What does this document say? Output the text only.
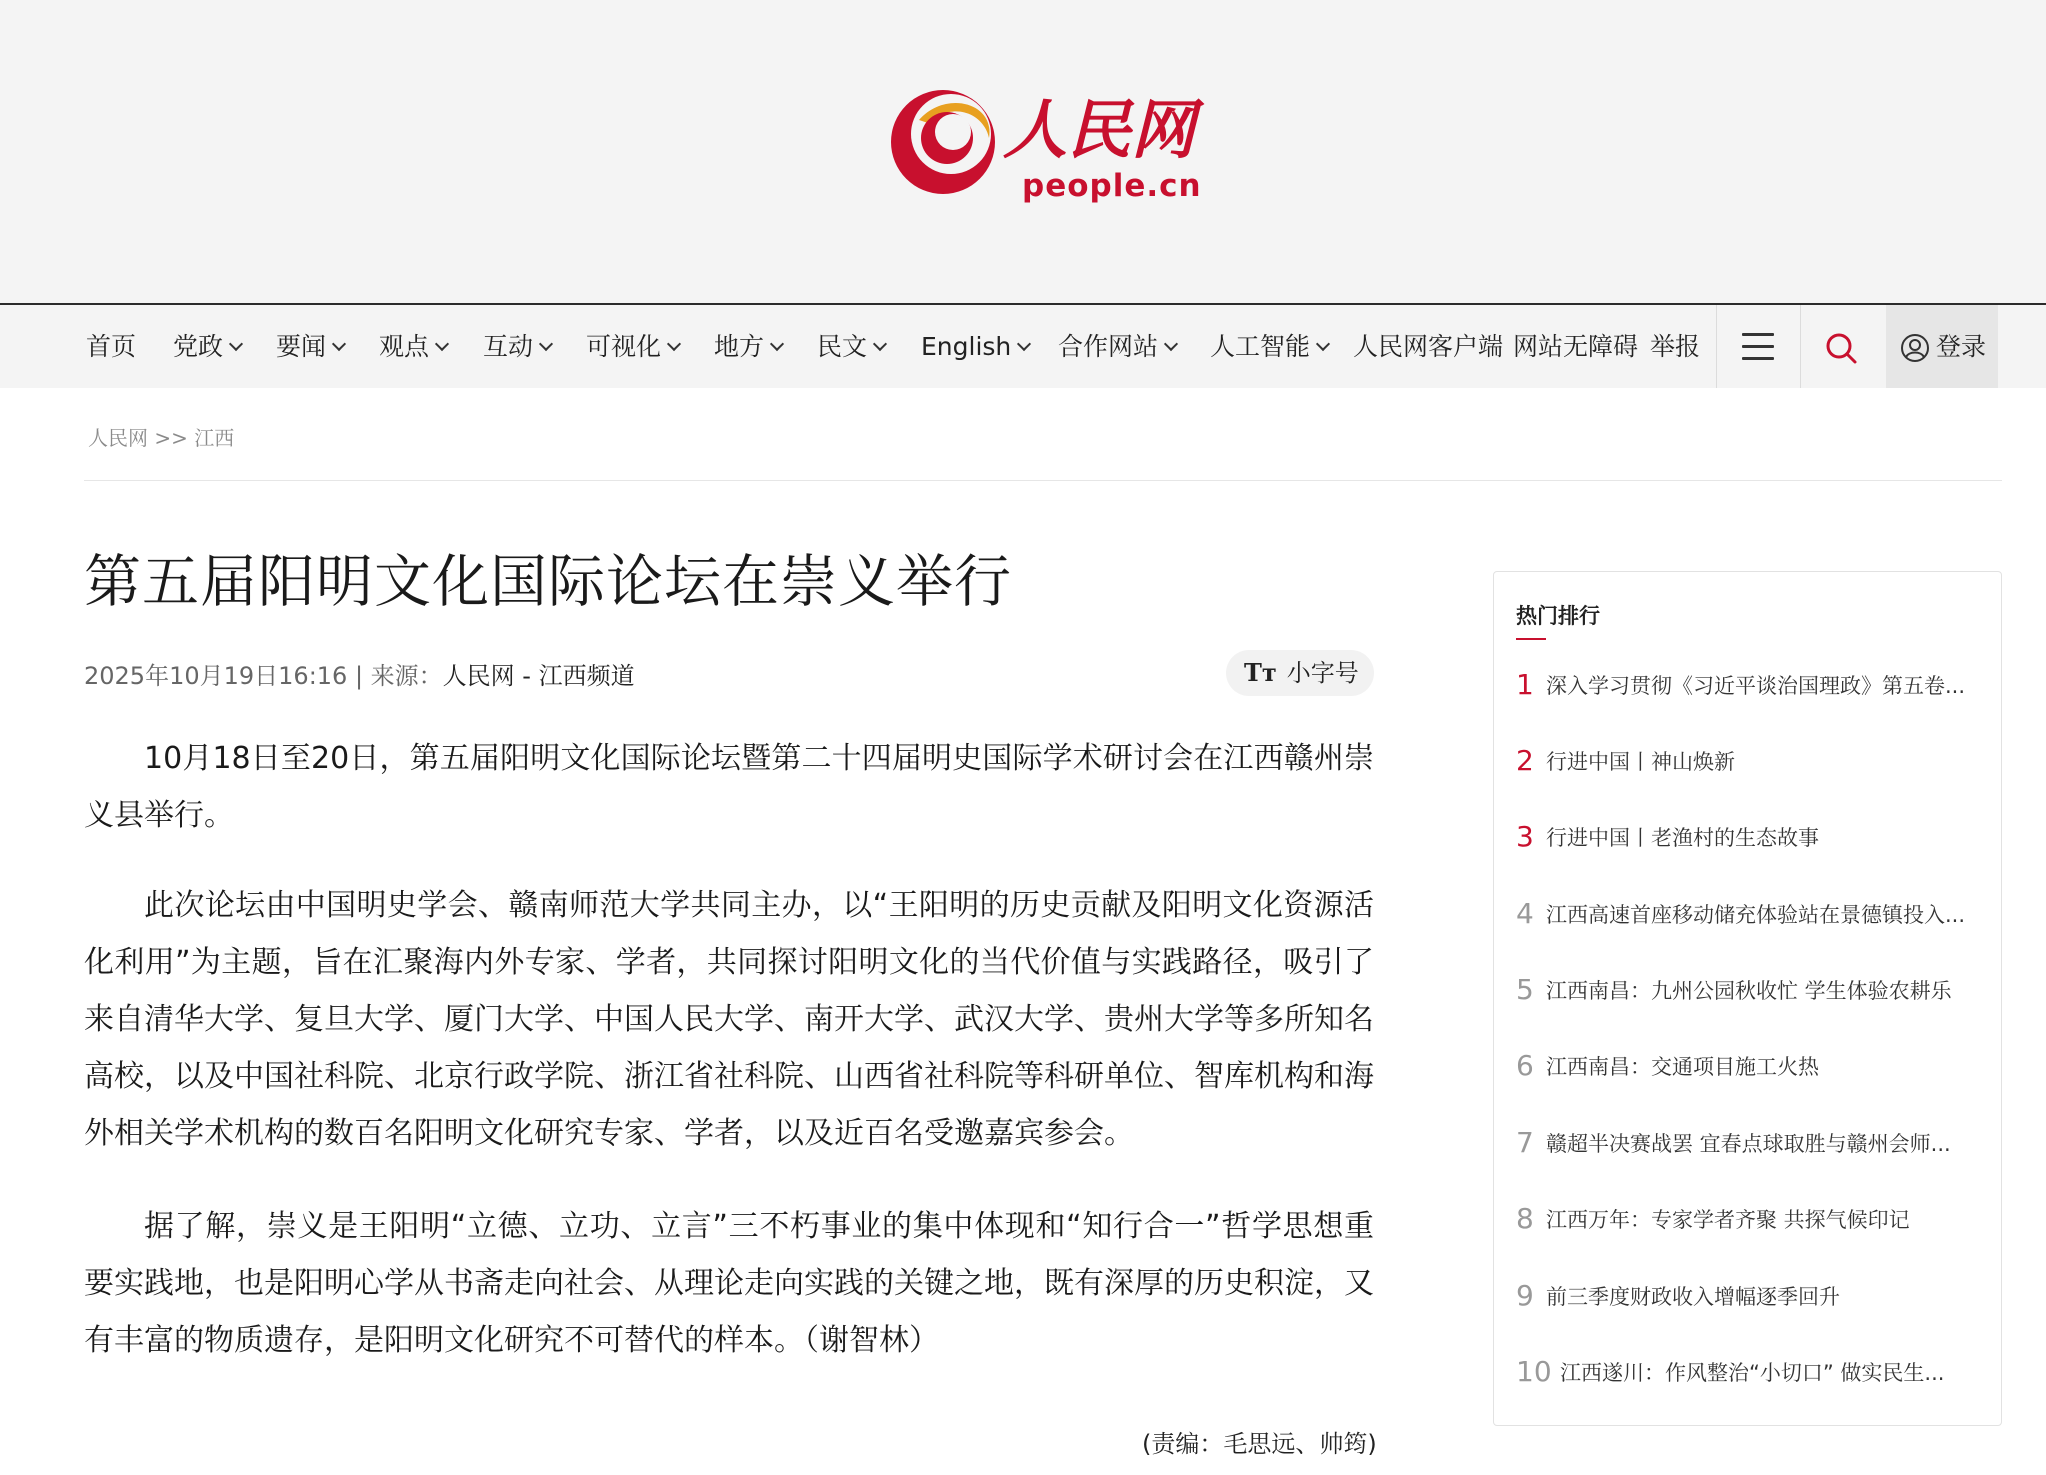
人民网
people.cn
首页 党政	要闻	观点	互动	可视化	地方	民文	English	合作网站	人工智能	人民网客户端 网站无障碍 举报	登录
人民网 >> 江西
第五届阳明文化国际论坛在崇义举行
2025年10月19日16:16 | 来源：人民网 - 江西频道	Tт 小字号

10月18日至20日，第五届阳明文化国际论坛暨第二十四届明史国际学术研讨会在江西赣州崇义县举行。

此次论坛由中国明史学会、赣南师范大学共同主办，以“王阳明的历史贡献及阳明文化资源活化利用”为主题，旨在汇聚海内外专家、学者，共同探讨阳明文化的当代价值与实践路径，吸引了来自清华大学、复旦大学、厦门大学、中国人民大学、南开大学、武汉大学、贵州大学等多所知名高校，以及中国社科院、北京行政学院、浙江省社科院、山西省社科院等科研单位、智库机构和海外相关学术机构的数百名阳明文化研究专家、学者，以及近百名受邀嘉宾参会。

据了解，崇义是王阳明“立德、立功、立言”三不朽事业的集中体现和“知行合一”哲学思想重要实践地，也是阳明心学从书斋走向社会、从理论走向实践的关键之地，既有深厚的历史积淀，又有丰富的物质遗存，是阳明文化研究不可替代的样本。（谢智林）

(责编：毛思远、帅筠)
热门排行
1 深入学习贯彻《习近平谈治国理政》第五卷...
2 行进中国丨神山焕新
3 行进中国丨老渔村的生态故事
4 江西高速首座移动储充体验站在景德镇投入...
5 江西南昌：九州公园秋收忙 学生体验农耕乐
6 江西南昌：交通项目施工火热
7 赣超半决赛战罢 宜春点球取胜与赣州会师...
8 江西万年：专家学者齐聚 共探气候印记
9 前三季度财政收入增幅逐季回升
10 江西遂川：作风整治“小切口” 做实民生...
